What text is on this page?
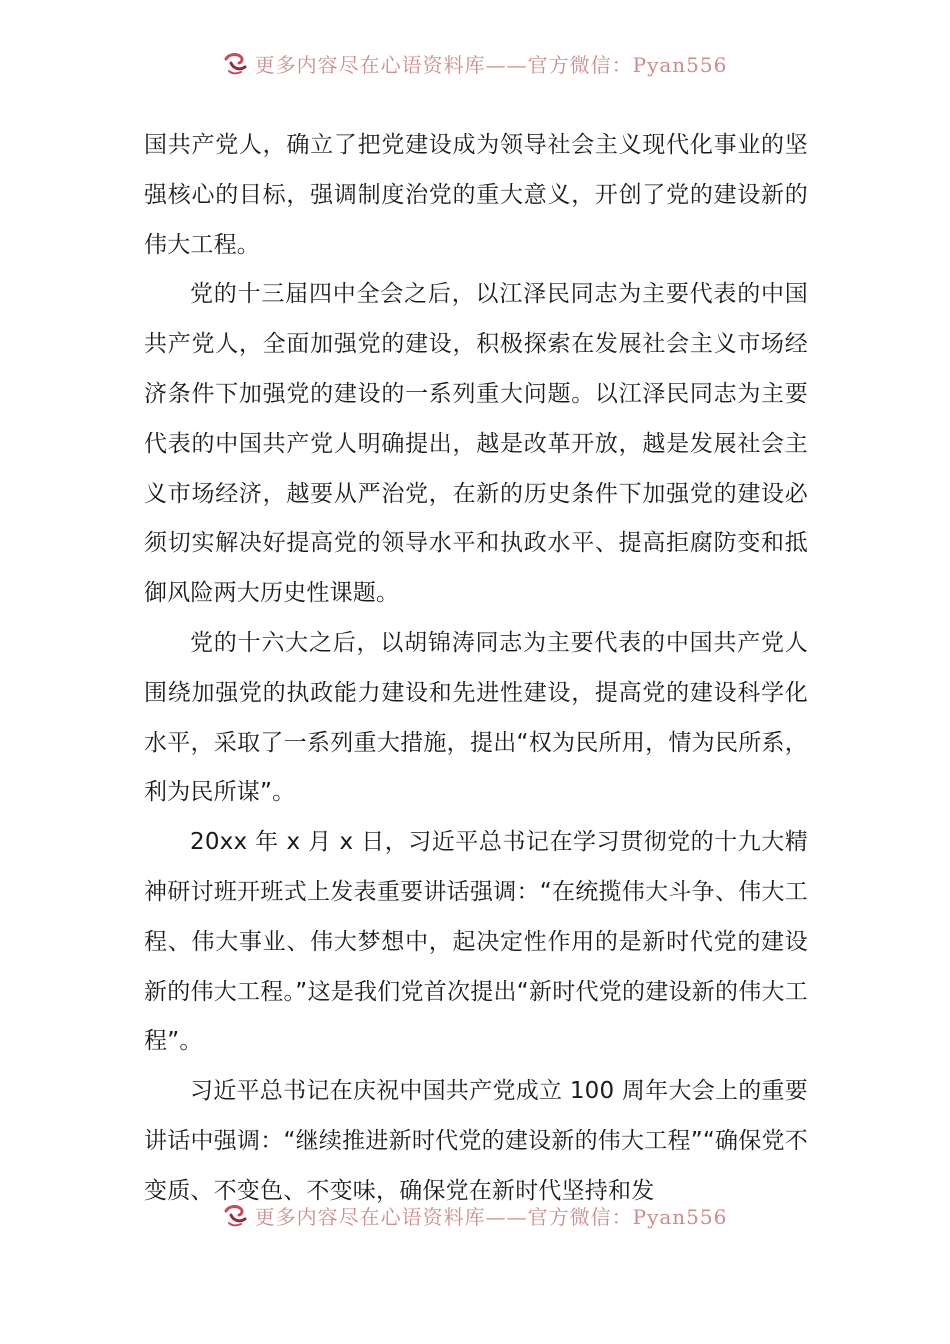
更多内容尽在心语资料库——官方微信：Pyan556

国共产党人，确立了把党建设成为领导社会主义现代化事业的坚强核心的目标，强调制度治党的重大意义，开创了党的建设新的伟大工程。

党的十三届四中全会之后，以江泽民同志为主要代表的中国共产党人，全面加强党的建设，积极探索在发展社会主义市场经济条件下加强党的建设的一系列重大问题。以江泽民同志为主要代表的中国共产党人明确提出，越是改革开放，越是发展社会主义市场经济，越要从严治党，在新的历史条件下加强党的建设必须切实解决好提高党的领导水平和执政水平、提高拒腐防变和抵御风险两大历史性课题。

党的十六大之后，以胡锦涛同志为主要代表的中国共产党人围绕加强党的执政能力建设和先进性建设，提高党的建设科学化水平，采取了一系列重大措施，提出“权为民所用，情为民所系，利为民所谋”。

20xx 年 x 月 x 日，习近平总书记在学习贯彻党的十九大精神研讨班开班式上发表重要讲话强调：“在统揽伟大斗争、伟大工程、伟大事业、伟大梦想中，起决定性作用的是新时代党的建设新的伟大工程。”这是我们党首次提出“新时代党的建设新的伟大工程”。

习近平总书记在庆祝中国共产党成立 100 周年大会上的重要讲话中强调：“继续推进新时代党的建设新的伟大工程”“确保党不变质、不变色、不变味，确保党在新时代坚持和发

更多内容尽在心语资料库——官方微信：Pyan556
